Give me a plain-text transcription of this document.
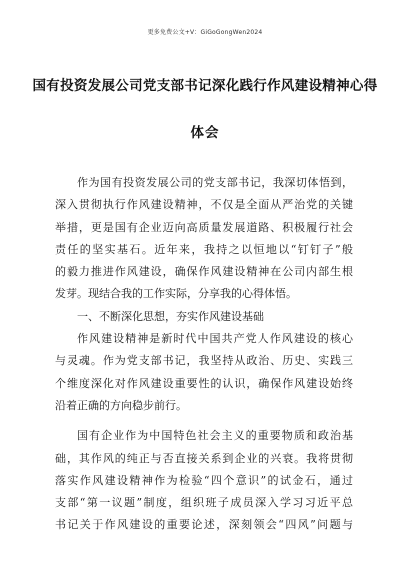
更多免费公文+V：GiGoGongWen2024
国有投资发展公司党支部书记深化践行作风建设精神心得
体会
作为国有投资发展公司的党支部书记，我深切体悟到，
深入贯彻执行作风建设精神，不仅是全面从严治党的关键
举措，更是国有企业迈向高质量发展道路、积极履行社会
责任的坚实基石。近年来，我持之以恒地以“钉钉子”般
的毅力推进作风建设，确保作风建设精神在公司内部生根
发芽。现结合我的工作实际，分享我的心得体悟。
一、不断深化思想，夯实作风建设基础
作风建设精神是新时代中国共产党人作风建设的核心
与灵魂。作为党支部书记，我坚持从政治、历史、实践三
个维度深化对作风建设重要性的认识，确保作风建设始终
沿着正确的方向稳步前行。
国有企业作为中国特色社会主义的重要物质和政治基
础，其作风的纯正与否直接关系到企业的兴衰。我将贯彻
落实作风建设精神作为检验“四个意识”的试金石，通过
支部“第一议题”制度，组织班子成员深入学习习近平总
书记关于作风建设的重要论述，深刻领会“四风”问题与
